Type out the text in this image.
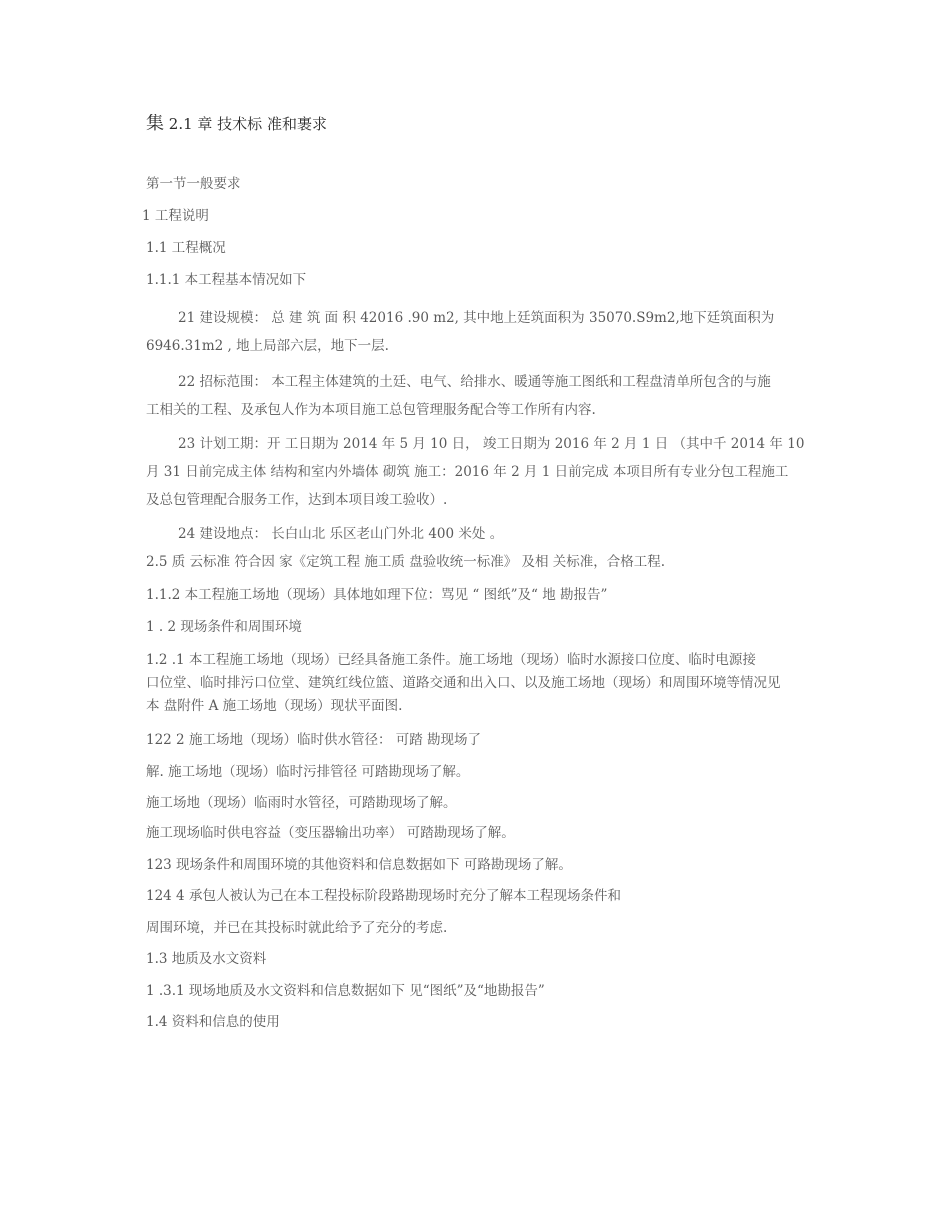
集 2.1 章 技术标 准和裹求
第一节一般要求
1 工程说明
1.1 工程概况
1.1.1 本工程基本情况如下
21 建设规模： 总 建 筑 面 积 42016 .90 m2, 其中地上廷筑面积为 35070.S9m2,地下廷筑面积为
6946.31m2 , 地上局部六层，地下一层.
22 招标范围： 本工程主体建筑的土廷、电气、给排水、暖通等施工图纸和工程盘清单所包含的与施
工相关的工程、及承包人作为本项目施工总包管理服务配合等工作所有内容.
23 计划工期：开 工日期为 2014 年 5 月 10 日， 竣工日期为 2016 年 2 月 1 日 （其中千 2014 年 10
月 31 日前完成主体 结构和室内外墙体 砌筑 施工：2016 年 2 月 1 日前完成 本项目所有专业分包工程施工
及总包管理配合服务工作，达到本项目竣工验收）.
24 建设地点： 长白山北 乐区老山门外北 400 米处 。
2.5 质 云标准 符合因 家《定筑工程 施工质 盘验收统一标准》 及相 关标准，合格工程.
1.1.2 本工程施工场地（现场）具体地如理下位：骂见 “ 图纸”及“ 地 勘报告”
1 . 2 现场条件和周围环境
1.2 .1 本工程施工场地（现场）已经具备施工条件。施工场地（现场）临时水源接口位度、临时电源接
口位堂、临时排污口位堂、建筑红线位篮、道路交通和出入口、以及施工场地（现场）和周围环境等情况见
本 盘附件 A 施工场地（现场）现状平面图.
122 2 施工场地（现场）临时供水管径： 可踏 勘现场了
解. 施工场地（现场）临时污排管径 可踏勘现场了解。
施工场地（现场）临雨时水管径，可踏勘现场了解。
施工现场临时供电容益（变压器输出功率） 可踏勘现场了解。
123 现场条件和周围环境的其他资料和信息数据如下 可路勘现场了解。
124 4 承包人被认为己在本工程投标阶段路勘现场时充分了解本工程现场条件和
周围环境，并已在其投标时就此给予了充分的考虑.
1.3 地质及水文资料
1 .3.1 现场地质及水文资料和信息数据如下 见“图纸”及“地勘报告”
1.4 资料和信息的使用
